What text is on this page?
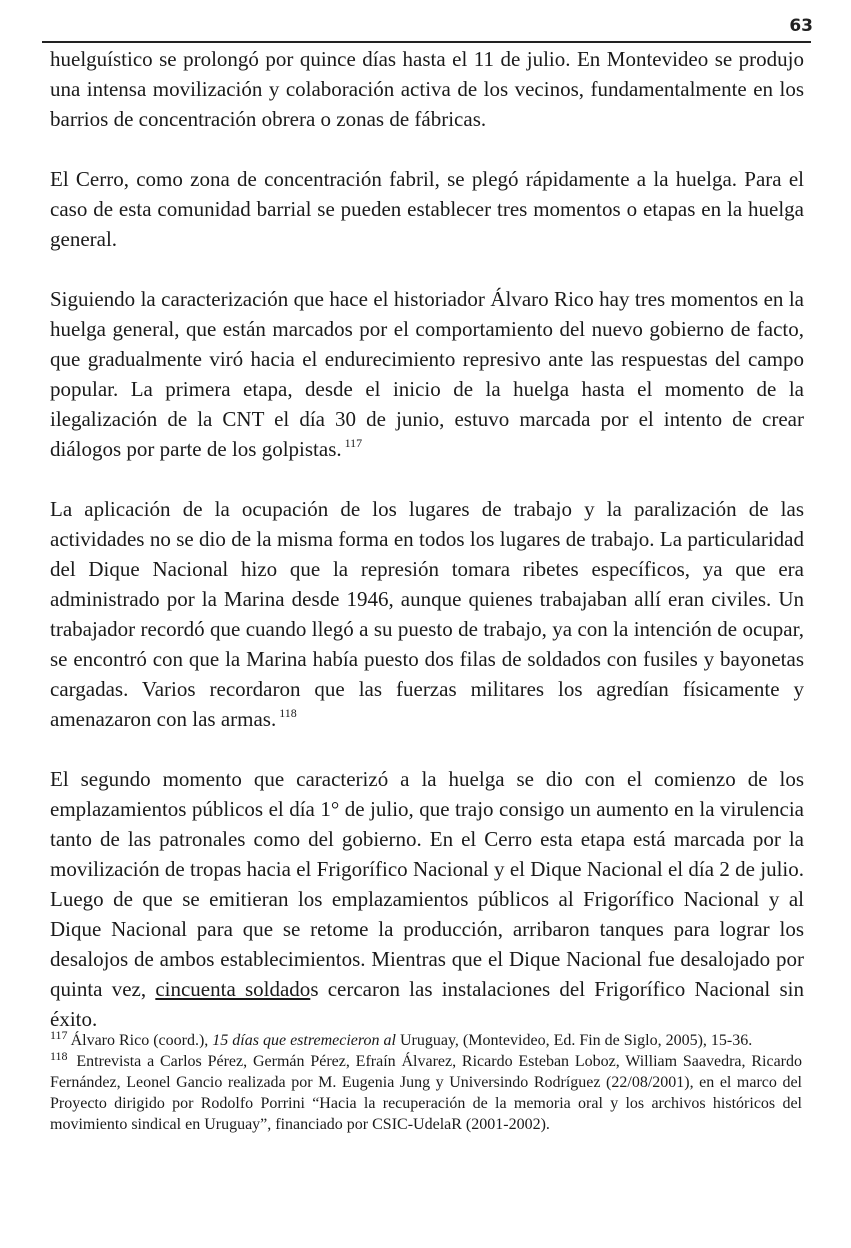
63

huelguístico se prolongó por quince días hasta el 11 de julio. En Montevideo se produjo una intensa movilización y colaboración activa de los vecinos, fundamentalmente en los barrios de concentración obrera o zonas de fábricas.

El Cerro, como zona de concentración fabril, se plegó rápidamente a la huelga. Para el caso de esta comunidad barrial se pueden establecer tres momentos o etapas en la huelga general.

Siguiendo la caracterización que hace el historiador Álvaro Rico hay tres momentos en la huelga general, que están marcados por el comportamiento del nuevo gobierno de facto, que gradualmente viró hacia el endurecimiento represivo ante las respuestas del campo popular. La primera etapa, desde el inicio de la huelga hasta el momento de la ilegalización de la CNT el día 30 de junio, estuvo marcada por el intento de crear diálogos por parte de los golpistas. $^{117}$

La aplicación de la ocupación de los lugares de trabajo y la paralización de las actividades no se dio de la misma forma en todos los lugares de trabajo. La particularidad del Dique Nacional hizo que la represión tomara ribetes específicos, ya que era administrado por la Marina desde 1946, aunque quienes trabajaban allí eran civiles. Un trabajador recordó que cuando llegó a su puesto de trabajo, ya con la intención de ocupar, se encontró con que la Marina había puesto dos filas de soldados con fusiles y bayonetas cargadas. Varios recordaron que las fuerzas militares los agredían físicamente y amenazaron con las armas. $^{118}$

El segundo momento que caracterizó a la huelga se dio con el comienzo de los emplazamientos públicos el día 1° de julio, que trajo consigo un aumento en la virulencia tanto de las patronales como del gobierno. En el Cerro esta etapa está marcada por la movilización de tropas hacia el Frigorífico Nacional y el Dique Nacional el día 2 de julio. Luego de que se emitieran los emplazamientos públicos al Frigorífico Nacional y al Dique Nacional para que se retome la producción, arribaron tanques para lograr los desalojos de ambos establecimientos. Mientras que el Dique Nacional fue desalojado por quinta vez, cincuenta soldados cercaron las instalaciones del Frigorífico Nacional sin éxito.

$^{117}$ Álvaro Rico (coord.), 15 días que estremecieron al Uruguay, (Montevideo, Ed. Fin de Siglo, 2005), 15-36.

$^{118}$ Entrevista a Carlos Pérez, Germán Pérez, Efraín Álvarez, Ricardo Esteban Loboz, William Saavedra, Ricardo Fernández, Leonel Gancio realizada por M. Eugenia Jung y Universindo Rodríguez (22/08/2001), en el marco del Proyecto dirigido por Rodolfo Porrini “Hacia la recuperación de la memoria oral y los archivos históricos del movimiento sindical en Uruguay”, financiado por CSIC-UdelaR (2001-2002).
